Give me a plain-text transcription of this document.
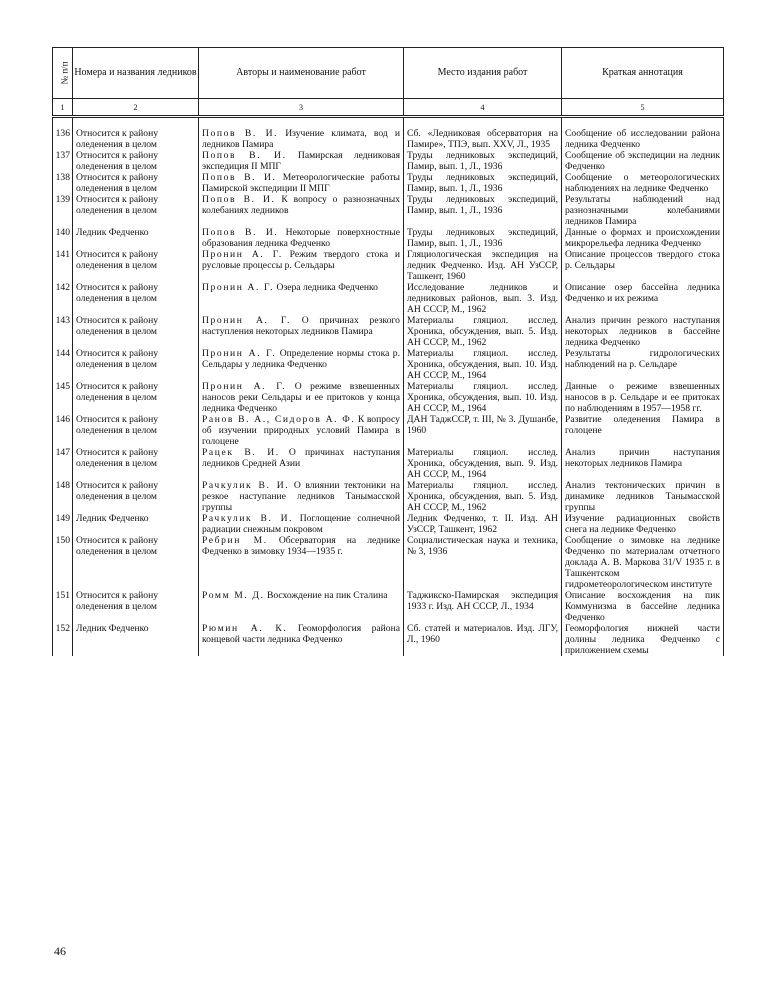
№ п/п	Номера и названия ледников	Авторы и наименование работ	Место издания работ	Краткая аннотация
1	2	3	4	5

136	Относится к району оледенения в целом	Попов В. И. Изучение климата, вод и ледников Памира	Сб. «Ледниковая обсерватория на Памире», ТПЭ, вып. XXV, Л., 1935	Сообщение об исследовании района ледника Федченко
137	Относится к району оледенения в целом	Попов В. И. Памирская ледниковая экспедиция II МПГ	Труды ледниковых экспедиций, Памир, вып. 1, Л., 1936	Сообщение об экспедиции на ледник Федченко
138	Относится к району оледенения в целом	Попов В. И. Метеорологические работы Памирской экспедиции II МПГ	Труды ледниковых экспедиций, Памир, вып. 1, Л., 1936	Сообщение о метеорологических наблюдениях на леднике Федченко
139	Относится к району оледенения в целом	Попов В. И. К вопросу о разнозначных колебаниях ледников	Труды ледниковых экспедиций, Памир, вып. 1, Л., 1936	Результаты наблюдений над разнозначными колебаниями ледников Памира
140	Ледник Федченко	Попов В. И. Некоторые поверхностные образования ледника Федченко	Труды ледниковых экспедиций, Памир, вып. 1, Л., 1936	Данные о формах и происхождении микрорельефа ледника Федченко
141	Относится к району оледенения в целом	Пронин А. Г. Режим твердого стока и русловые процессы р. Сельдары	Гляциологическая экспедиция на ледник Федченко. Изд. АН УзССР, Ташкент, 1960	Описание процессов твердого стока р. Сельдары
142	Относится к району оледенения в целом	Пронин А. Г. Озера ледника Федченко	Исследование ледников и ледниковых районов, вып. 3. Изд. АН СССР, М., 1962	Описание озер бассейна ледника Федченко и их режима
143	Относится к району оледенения в целом	Пронин А. Г. О причинах резкого наступления некоторых ледников Памира	Материалы гляциол. исслед. Хроника, обсуждения, вып. 5. Изд. АН СССР, М., 1962	Анализ причин резкого наступания некоторых ледников в бассейне ледника Федченко
144	Относится к району оледенения в целом	Пронин А. Г. Определение нормы стока р. Сельдары у ледника Федченко	Материалы гляциол. исслед. Хроника, обсуждения, вып. 10. Изд. АН СССР, М., 1964	Результаты гидрологических наблюдений на р. Сельдаре
145	Относится к району оледенения в целом	Пронин А. Г. О режиме взвешенных наносов реки Сельдары и ее притоков у конца ледника Федченко	Материалы гляциол. исслед. Хроника, обсуждения, вып. 10. Изд. АН СССР, М., 1964	Данные о режиме взвешенных наносов в р. Сельдаре и ее притоках по наблюдениям в 1957—1958 гг.
146	Относится к району оледенения в целом	Ранов В. А., Сидоров А. Ф. К вопросу об изучении природных условий Памира в голоцене	ДАН ТаджССР, т. III, № 3. Душанбе, 1960	Развитие оледенения Памира в голоцене
147	Относится к району оледенения в целом	Рацек В. И. О причинах наступания ледников Средней Азии	Материалы гляциол. исслед. Хроника, обсуждения, вып. 9. Изд. АН СССР, М., 1964	Анализ причин наступания некоторых ледников Памира
148	Относится к району оледенения в целом	Рачкулик В. И. О влиянии тектоники на резкое наступание ледников Танымасской группы	Материалы гляциол. исслед. Хроника, обсуждения, вып. 5. Изд. АН СССР, М., 1962	Анализ тектонических причин в динамике ледников Танымасской группы
149	Ледник Федченко	Рачкулик В. И. Поглощение солнечной радиации снежным покровом	Ледник Федченко, т. II. Изд. АН УзССР, Ташкент, 1962	Изучение радиационных свойств снега на леднике Федченко
150	Относится к району оледенения в целом	Ребрин М. Обсерватория на леднике Федченко в зимовку 1934—1935 г.	Социалистическая наука и техника, № 3, 1936	Сообщение о зимовке на леднике Федченко по материалам отчетного доклада А. В. Маркова 31/V 1935 г. в Ташкентском гидрометеорологическом институте
151	Относится к району оледенения в целом	Ромм М. Д. Восхождение на пик Сталина	Таджикско-Памирская экспедиция 1933 г. Изд. АН СССР, Л., 1934	Описание восхождения на пик Коммунизма в бассейне ледника Федченко
152	Ледник Федченко	Рюмин А. К. Геоморфология района концевой части ледника Федченко	Сб. статей и материалов. Изд. ЛГУ, Л., 1960	Геоморфология нижней части долины ледника Федченко с приложением схемы
46
